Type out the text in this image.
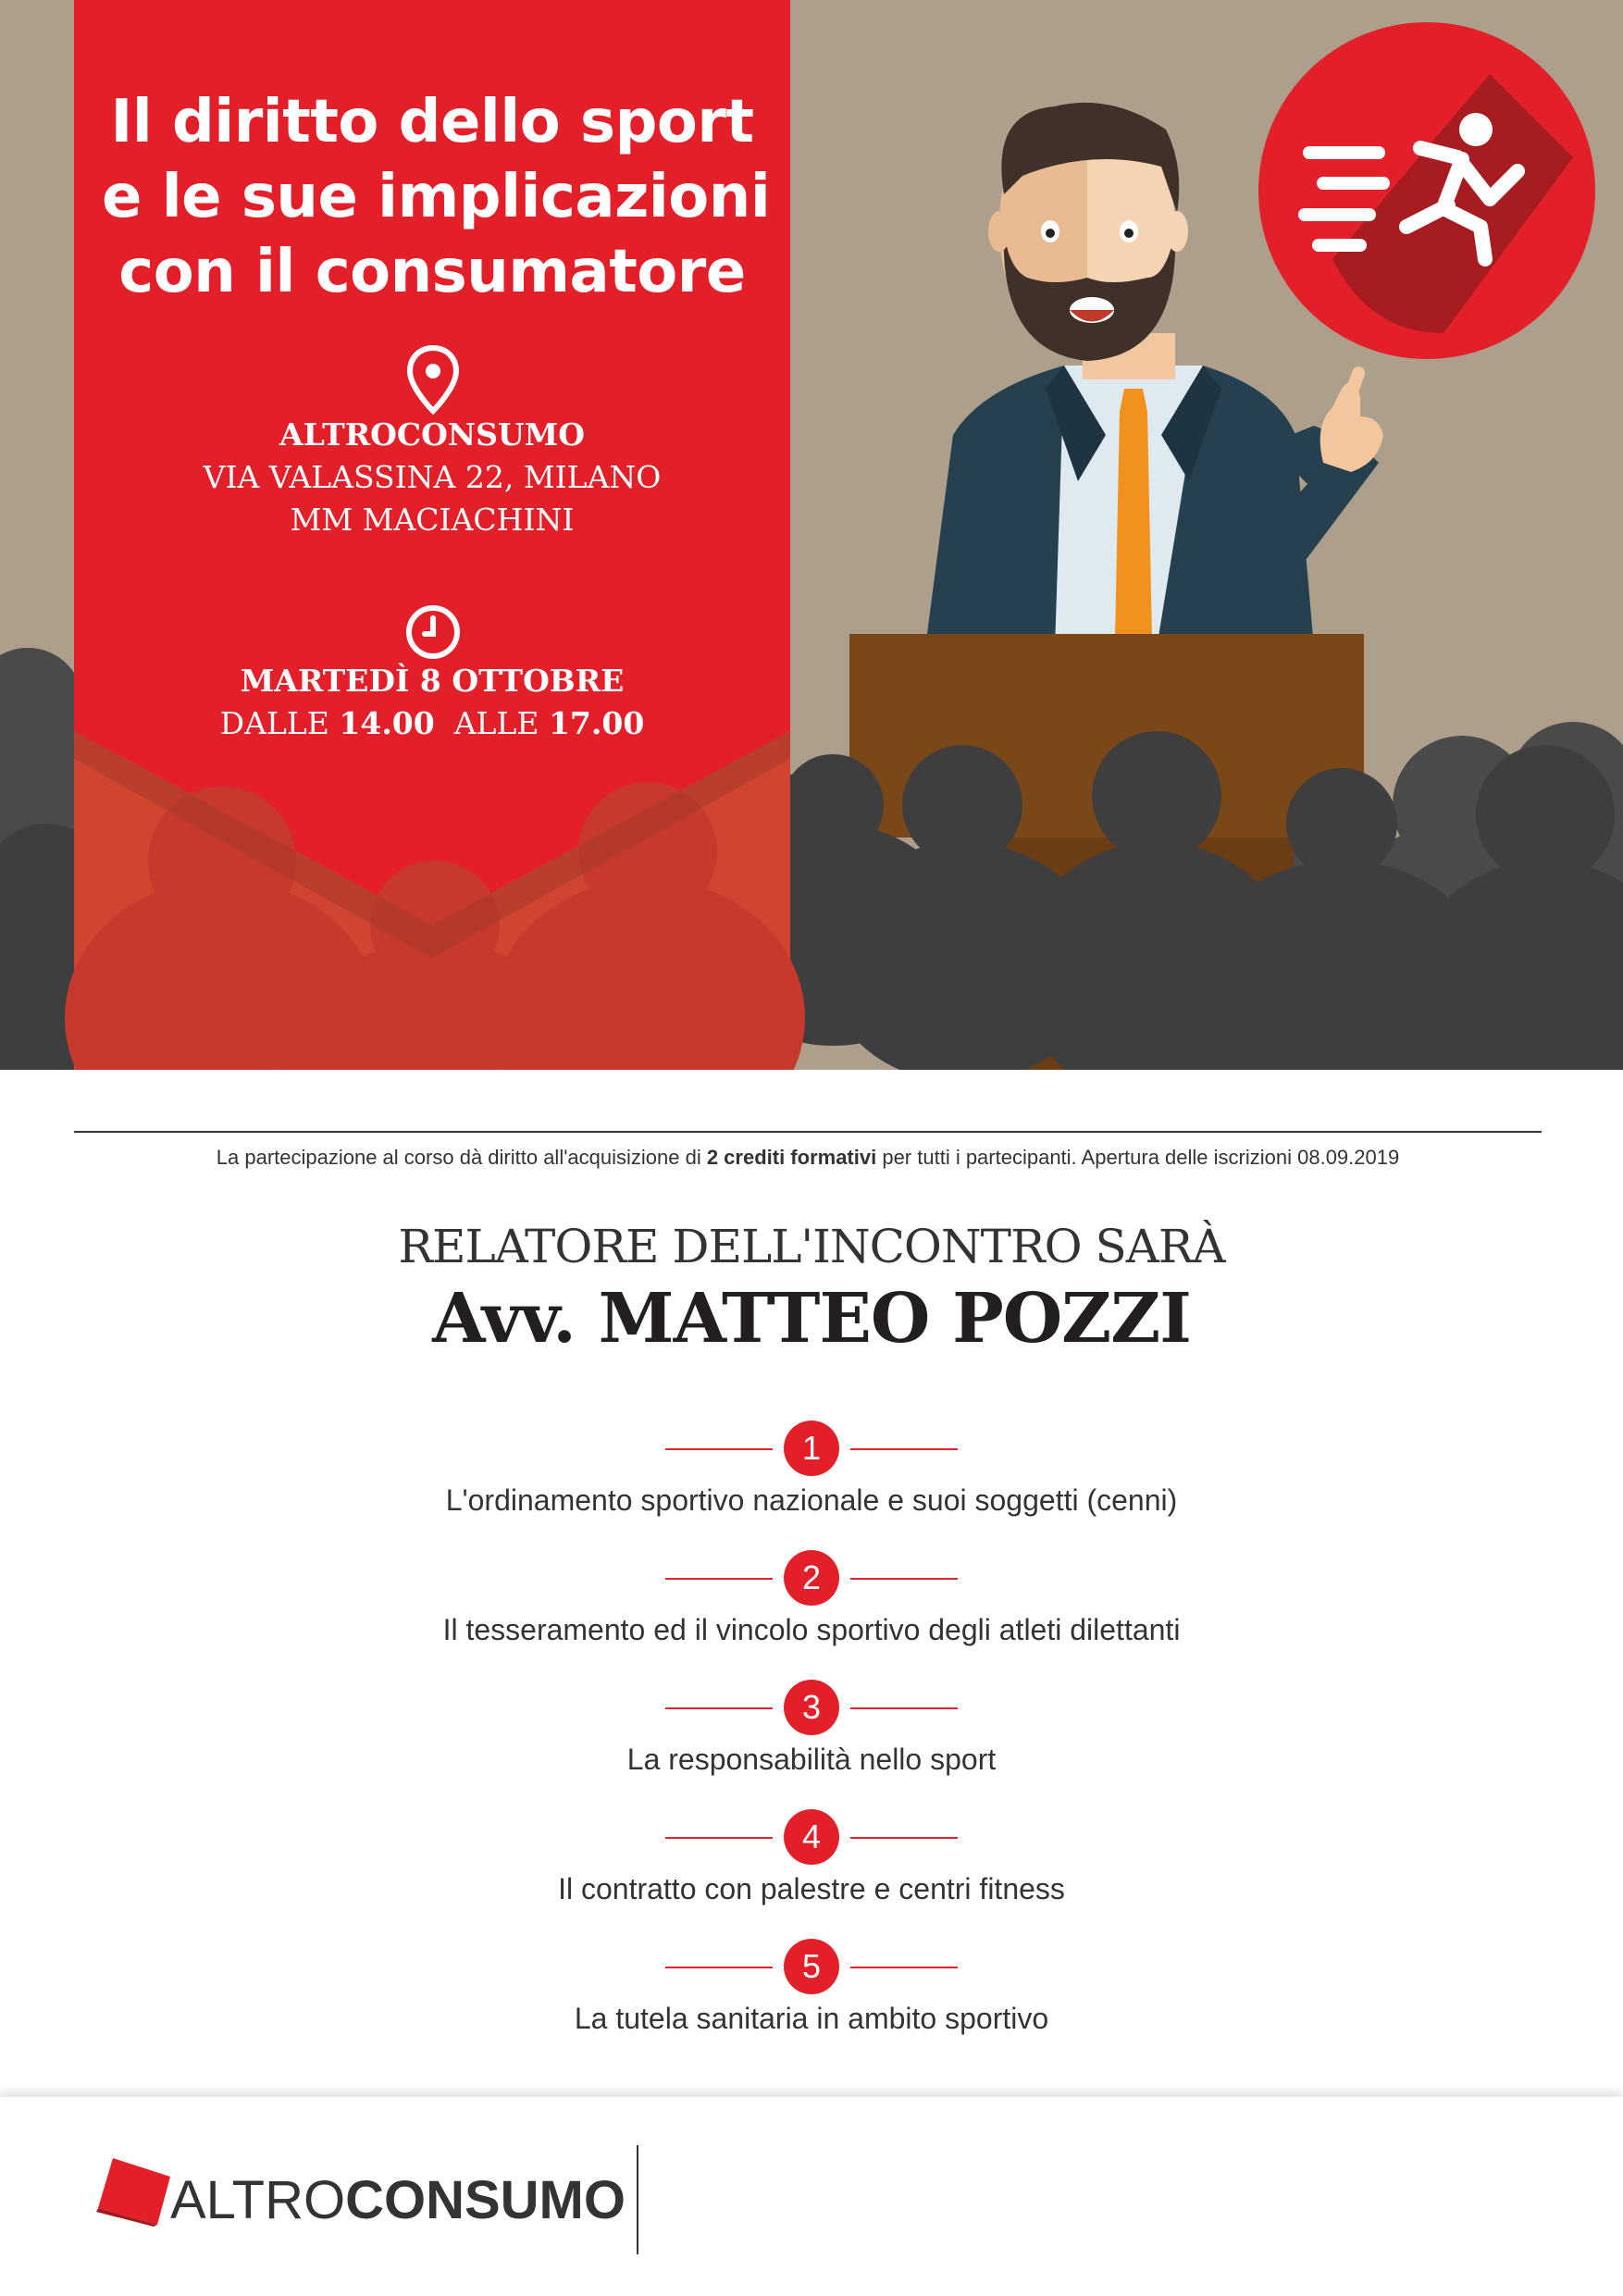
Il diritto dello sport
e le sue implicazioni
con il consumatore
ALTROCONSUMO
VIA VALASSINA 22, MILANO
MM MACIACHINI
MARTEDÌ 8 OTTOBRE
DALLE 14.00 ALLE 17.00
La partecipazione al corso dà diritto all'acquisizione di 2 crediti formativi per tutti i partecipanti. Apertura delle iscrizioni 08.09.2019
RELATORE DELL'INCONTRO SARÀ
Avv. MATTEO POZZI
1
L'ordinamento sportivo nazionale e suoi soggetti (cenni)
2
Il tesseramento ed il vincolo sportivo degli atleti dilettanti
3
La responsabilità nello sport
4
Il contratto con palestre e centri fitness
5
La tutela sanitaria in ambito sportivo
ALTROCONSUMO
